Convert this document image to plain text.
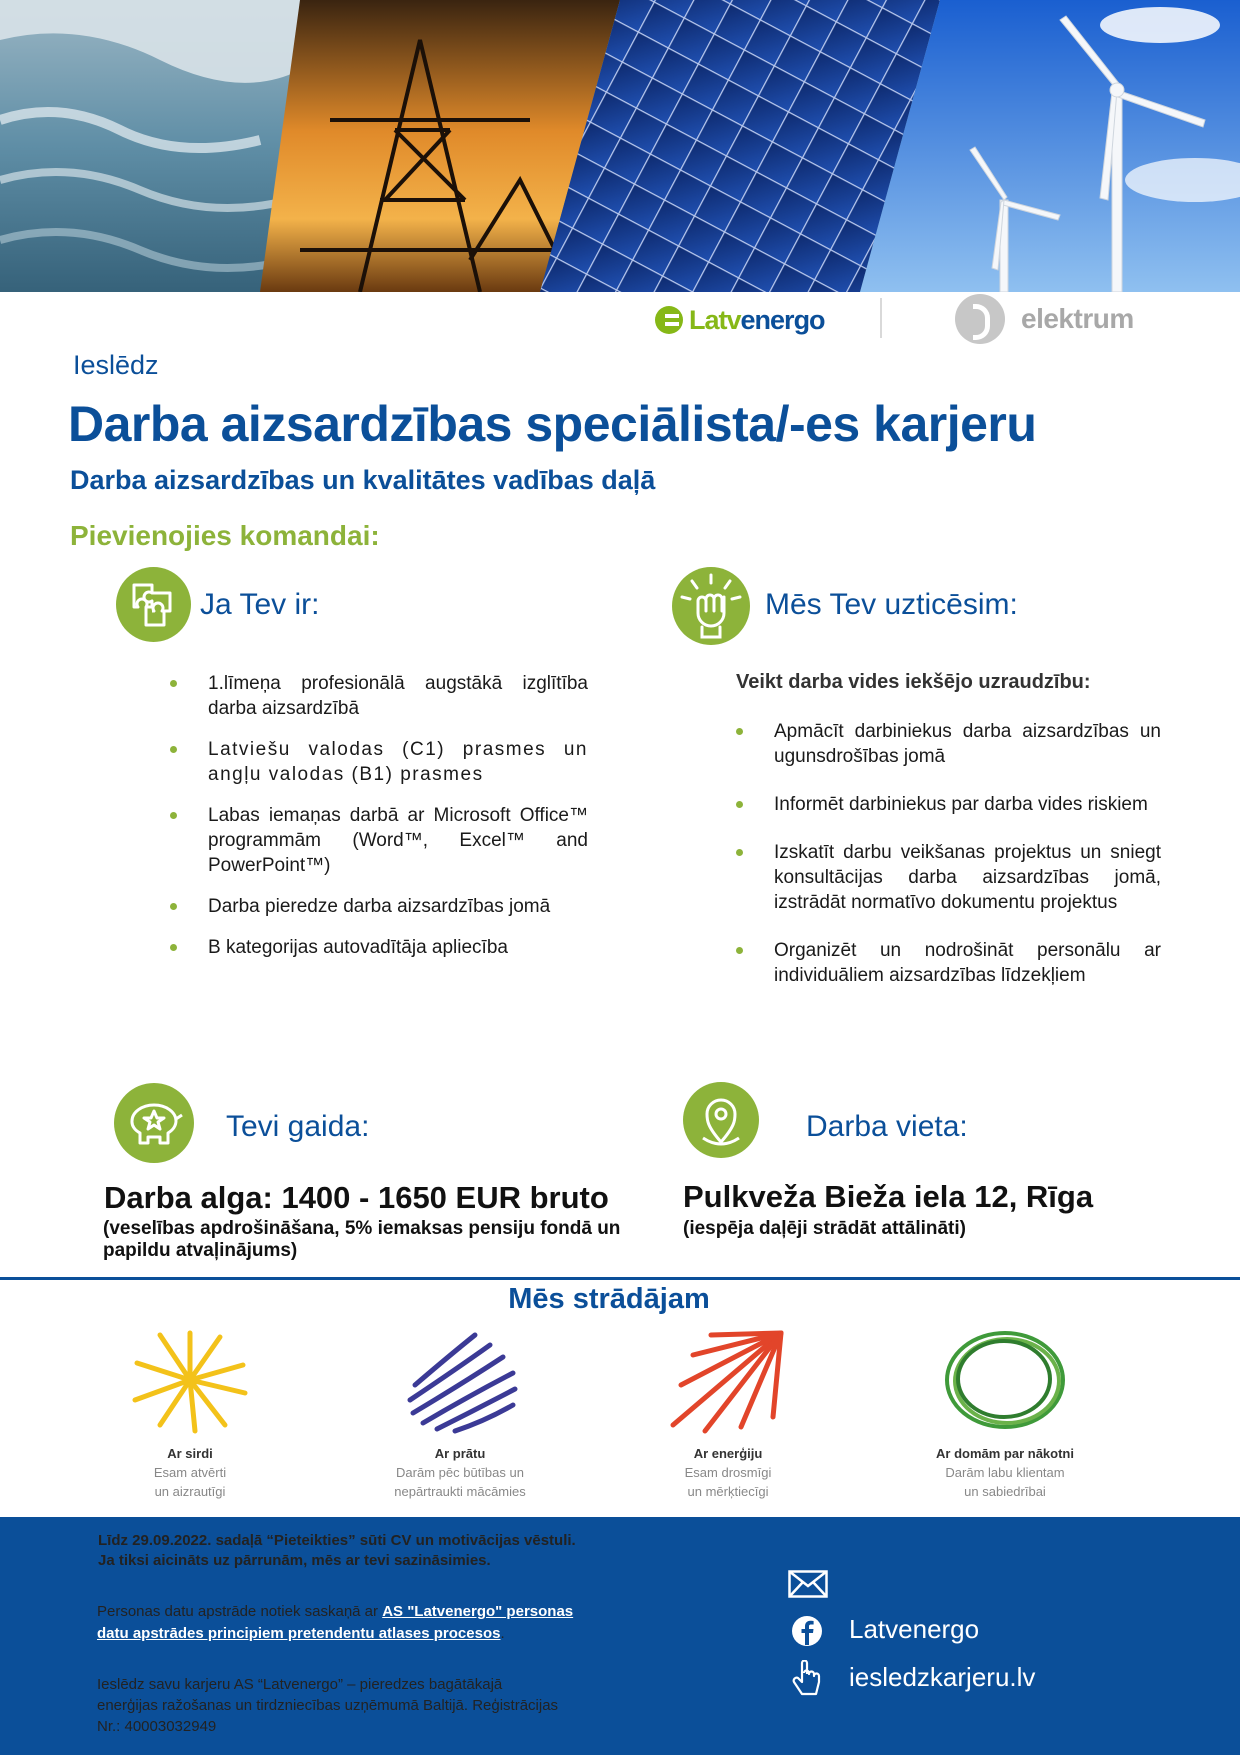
Latvenergo	elektrum
Ieslēdz
Darba aizsardzības speciālista/-es karjeru
Darba aizsardzības un kvalitātes vadības daļā
Pievienojies komandai:
Ja Tev ir:
1.līmeņa profesionālā augstākā izglītība darba aizsardzībā
Latviešu valodas (C1) prasmes un angļu valodas (B1) prasmes
Labas iemaņas darbā ar Microsoft Office™ programmām (Word™, Excel™ and PowerPoint™)
Darba pieredze darba aizsardzības jomā
B kategorijas autovadītāja apliecība
Mēs Tev uzticēsim:
Veikt darba vides iekšējo uzraudzību:
Apmācīt darbiniekus darba aizsardzības un ugunsdrošības jomā
Informēt darbiniekus par darba vides riskiem
Izskatīt darbu veikšanas projektus un sniegt konsultācijas darba aizsardzības jomā, izstrādāt normatīvo dokumentu projektus
Organizēt un nodrošināt personālu ar individuāliem aizsardzības līdzekļiem
Tevi gaida:
Darba alga: 1400 - 1650 EUR bruto
(veselības apdrošināšana, 5% iemaksas pensiju fondā un papildu atvaļinājums)
Darba vieta:
Pulkveža Bieža iela 12, Rīga
(iespēja daļēji strādāt attālināti)
Mēs strādājam
Ar sirdi
Esam atvērti
un aizrautīgi
Ar prātu
Darām pēc būtības un
nepārtraukti mācāmies
Ar enerģiju
Esam drosmīgi
un mērķtiecīgi
Ar domām par nākotni
Darām labu klientam
un sabiedrībai
Līdz 29.09.2022. sadaļā “Pieteikties” sūti CV un motivācijas vēstuli.
Ja tiksi aicināts uz pārrunām, mēs ar tevi sazināsimies.
Personas datu apstrāde notiek saskaņā ar AS "Latvenergo" personas
datu apstrādes principiem pretendentu atlases procesos.
Ieslēdz savu karjeru AS “Latvenergo” – pieredzes bagātākajā
enerģijas ražošanas un tirdzniecības uzņēmumā Baltijā. Reģistrācijas
Nr.: 40003032949
Latvenergo
iesledzkarjeru.lv
